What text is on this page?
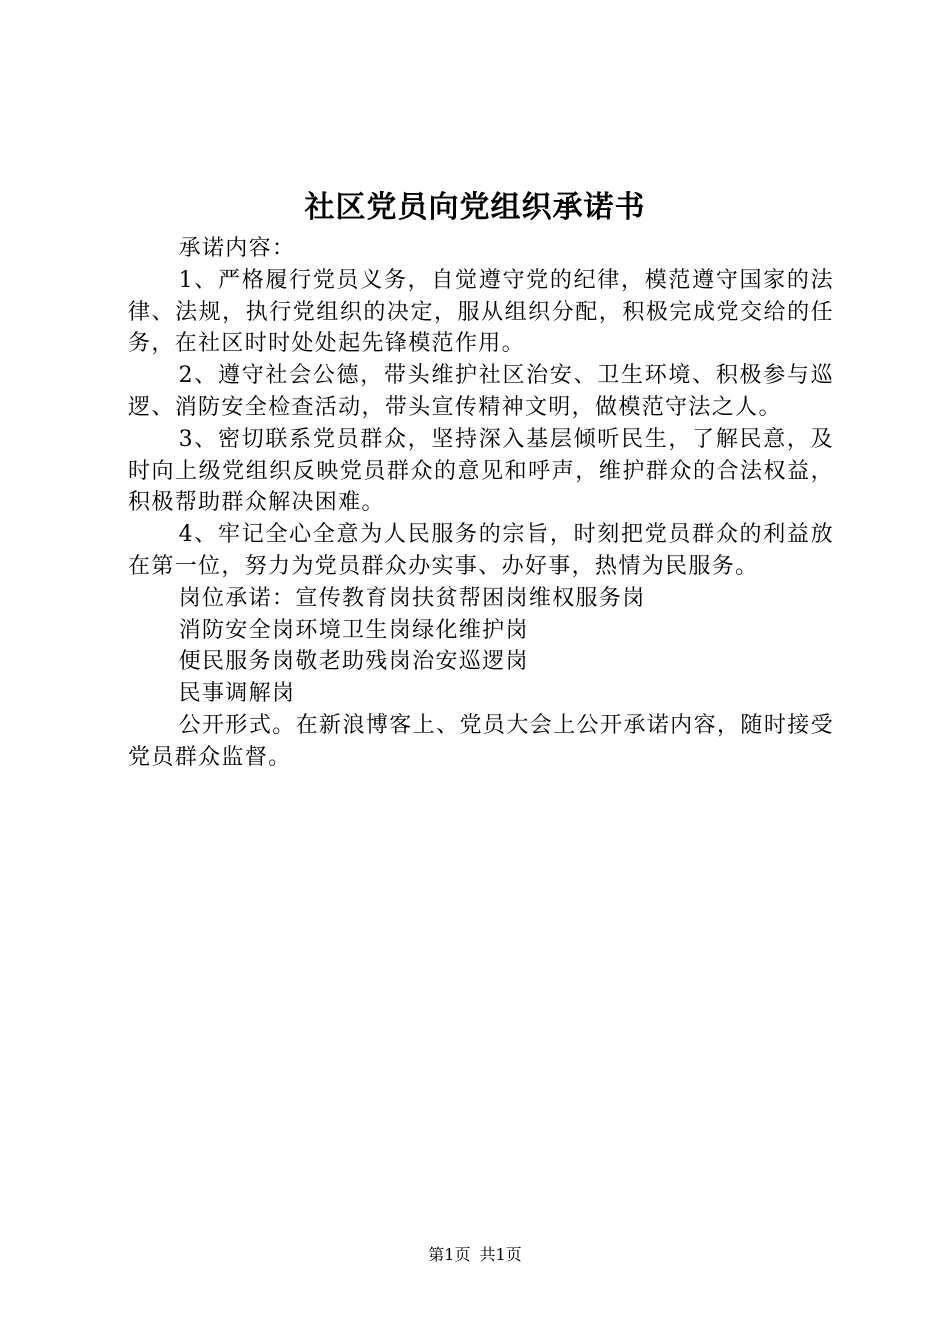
社区党员向党组织承诺书

承诺内容：

1、严格履行党员义务，自觉遵守党的纪律，模范遵守国家的法律、法规，执行党组织的决定，服从组织分配，积极完成党交给的任务，在社区时时处处起先锋模范作用。

2、遵守社会公德，带头维护社区治安、卫生环境、积极参与巡逻、消防安全检查活动，带头宣传精神文明，做模范守法之人。

3、密切联系党员群众，坚持深入基层倾听民生，了解民意，及时向上级党组织反映党员群众的意见和呼声，维护群众的合法权益，积极帮助群众解决困难。

4、牢记全心全意为人民服务的宗旨，时刻把党员群众的利益放在第一位，努力为党员群众办实事、办好事，热情为民服务。

岗位承诺：宣传教育岗扶贫帮困岗维权服务岗

消防安全岗环境卫生岗绿化维护岗

便民服务岗敬老助残岗治安巡逻岗

民事调解岗

公开形式。在新浪博客上、党员大会上公开承诺内容，随时接受党员群众监督。

第1页 共1页
